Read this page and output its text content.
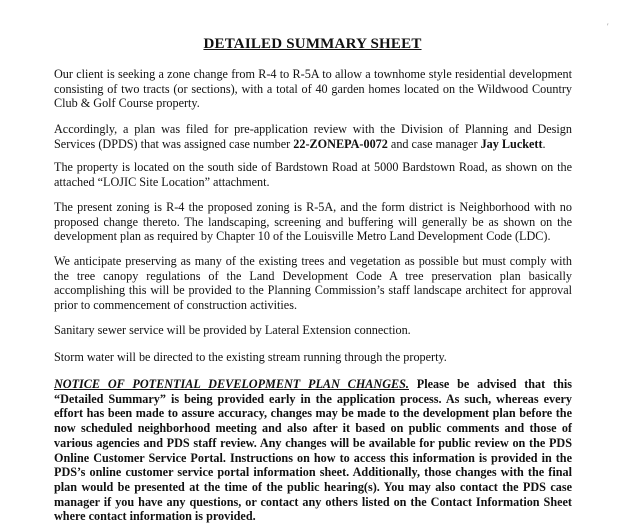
ʹ
DETAILED SUMMARY SHEET
Our client is seeking a zone change from R-4 to R-5A to allow a townhome style residential development consisting of two tracts (or sections), with a total of 40 garden homes located on the Wildwood Country Club & Golf Course property.
Accordingly, a plan was filed for pre-application review with the Division of Planning and Design Services (DPDS) that was assigned case number 22-ZONEPA-0072 and case manager Jay Luckett.
The property is located on the south side of Bardstown Road at 5000 Bardstown Road, as shown on the attached “LOJIC Site Location” attachment.
The present zoning is R-4 the proposed zoning is R-5A, and the form district is Neighborhood with no proposed change thereto. The landscaping, screening and buffering will generally be as shown on the development plan as required by Chapter 10 of the Louisville Metro Land Development Code (LDC).
We anticipate preserving as many of the existing trees and vegetation as possible but must comply with the tree canopy regulations of the Land Development Code A tree preservation plan basically accomplishing this will be provided to the Planning Commission’s staff landscape architect for approval prior to commencement of construction activities.
Sanitary sewer service will be provided by Lateral Extension connection.
Storm water will be directed to the existing stream running through the property.
NOTICE OF POTENTIAL DEVELOPMENT PLAN CHANGES. Please be advised that this “Detailed Summary” is being provided early in the application process. As such, whereas every effort has been made to assure accuracy, changes may be made to the development plan before the now scheduled neighborhood meeting and also after it based on public comments and those of various agencies and PDS staff review. Any changes will be available for public review on the PDS Online Customer Service Portal. Instructions on how to access this information is provided in the PDS’s online customer service portal information sheet. Additionally, those changes with the final plan would be presented at the time of the public hearing(s). You may also contact the PDS case manager if you have any questions, or contact any others listed on the Contact Information Sheet where contact information is provided.
